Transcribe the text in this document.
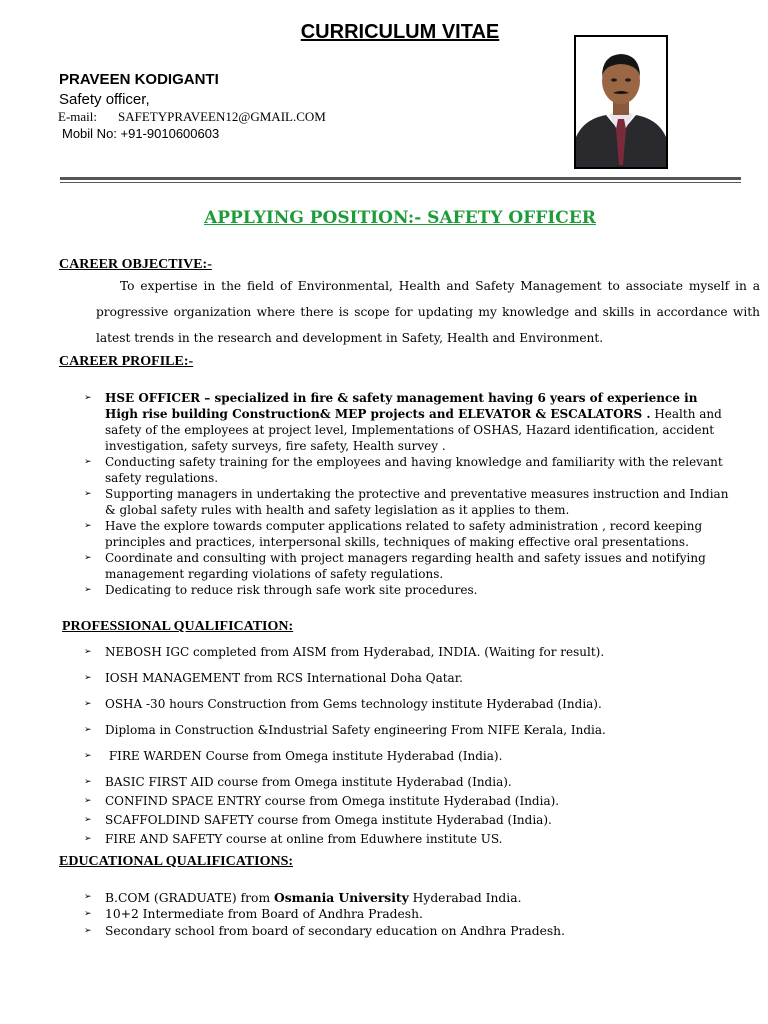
CURRICULUM VITAE
PRAVEEN KODIGANTI
Safety officer,
E-mail: SAFETYPRAVEEN12@GMAIL.COM
Mobil No: +91-9010600603
APPLYING POSITION:- SAFETY OFFICER
CAREER OBJECTIVE:-
To expertise in the field of Environmental, Health and Safety Management to associate myself in a progressive organization where there is scope for updating my knowledge and skills in accordance with latest trends in the research and development in Safety, Health and Environment.
CAREER PROFILE:-
➢ HSE OFFICER – specialized in fire & safety management having 6 years of experience in High rise building Construction& MEP projects and ELEVATOR & ESCALATORS . Health and safety of the employees at project level, Implementations of OSHAS, Hazard identification, accident investigation, safety surveys, fire safety, Health survey .
➢ Conducting safety training for the employees and having knowledge and familiarity with the relevant safety regulations.
➢ Supporting managers in undertaking the protective and preventative measures instruction and Indian & global safety rules with health and safety legislation as it applies to them.
➢ Have the explore towards computer applications related to safety administration , record keeping principles and practices, interpersonal skills, techniques of making effective oral presentations.
➢ Coordinate and consulting with project managers regarding health and safety issues and notifying management regarding violations of safety regulations.
➢ Dedicating to reduce risk through safe work site procedures.
PROFESSIONAL QUALIFICATION:
➢ NEBOSH IGC completed from AISM from Hyderabad, INDIA. (Waiting for result).
➢ IOSH MANAGEMENT from RCS International Doha Qatar.
➢ OSHA -30 hours Construction from Gems technology institute Hyderabad (India).
➢ Diploma in Construction &Industrial Safety engineering From NIFE Kerala, India.
➢ FIRE WARDEN Course from Omega institute Hyderabad (India).
➢ BASIC FIRST AID course from Omega institute Hyderabad (India).
➢ CONFIND SPACE ENTRY course from Omega institute Hyderabad (India).
➢ SCAFFOLDIND SAFETY course from Omega institute Hyderabad (India).
➢ FIRE AND SAFETY course at online from Eduwhere institute US.
EDUCATIONAL QUALIFICATIONS:
➢ B.COM (GRADUATE) from Osmania University Hyderabad India.
➢ 10+2 Intermediate from Board of Andhra Pradesh.
➢ Secondary school from board of secondary education on Andhra Pradesh.
